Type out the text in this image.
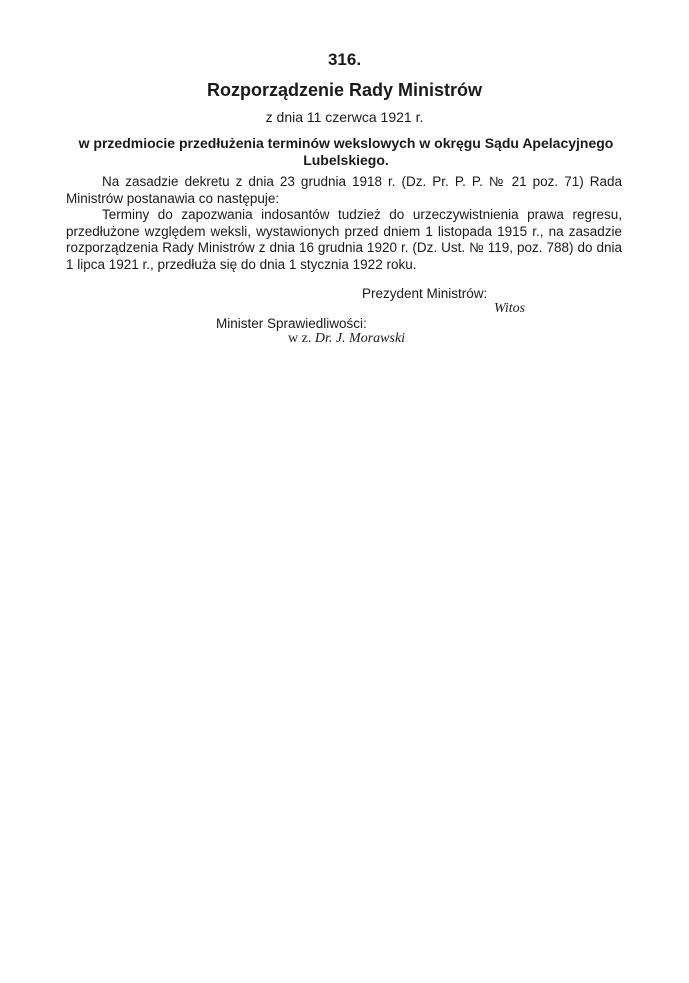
316.
Rozporządzenie Rady Ministrów
z dnia 11 czerwca 1921 r.
w przedmiocie przedłużenia terminów wekslowych w okręgu Sądu Apelacyjnego Lubelskiego.

Na zasadzie dekretu z dnia 23 grudnia 1918 r. (Dz. Pr. P. P. № 21 poz. 71) Rada Ministrów postanawia co następuje:

Terminy do zapozwania indosantów tudzież do urzeczywistnienia prawa regresu, przedłużone względem weksli, wystawionych przed dniem 1 listopada 1915 r., na zasadzie rozporządzenia Rady Ministrów z dnia 16 grudnia 1920 r. (Dz. Ust. № 119, poz. 788) do dnia 1 lipca 1921 r., przedłuża się do dnia 1 stycznia 1922 roku.

Prezydent Ministrów:
Witos
Minister Sprawiedliwości:
w z. Dr. J. Morawski
